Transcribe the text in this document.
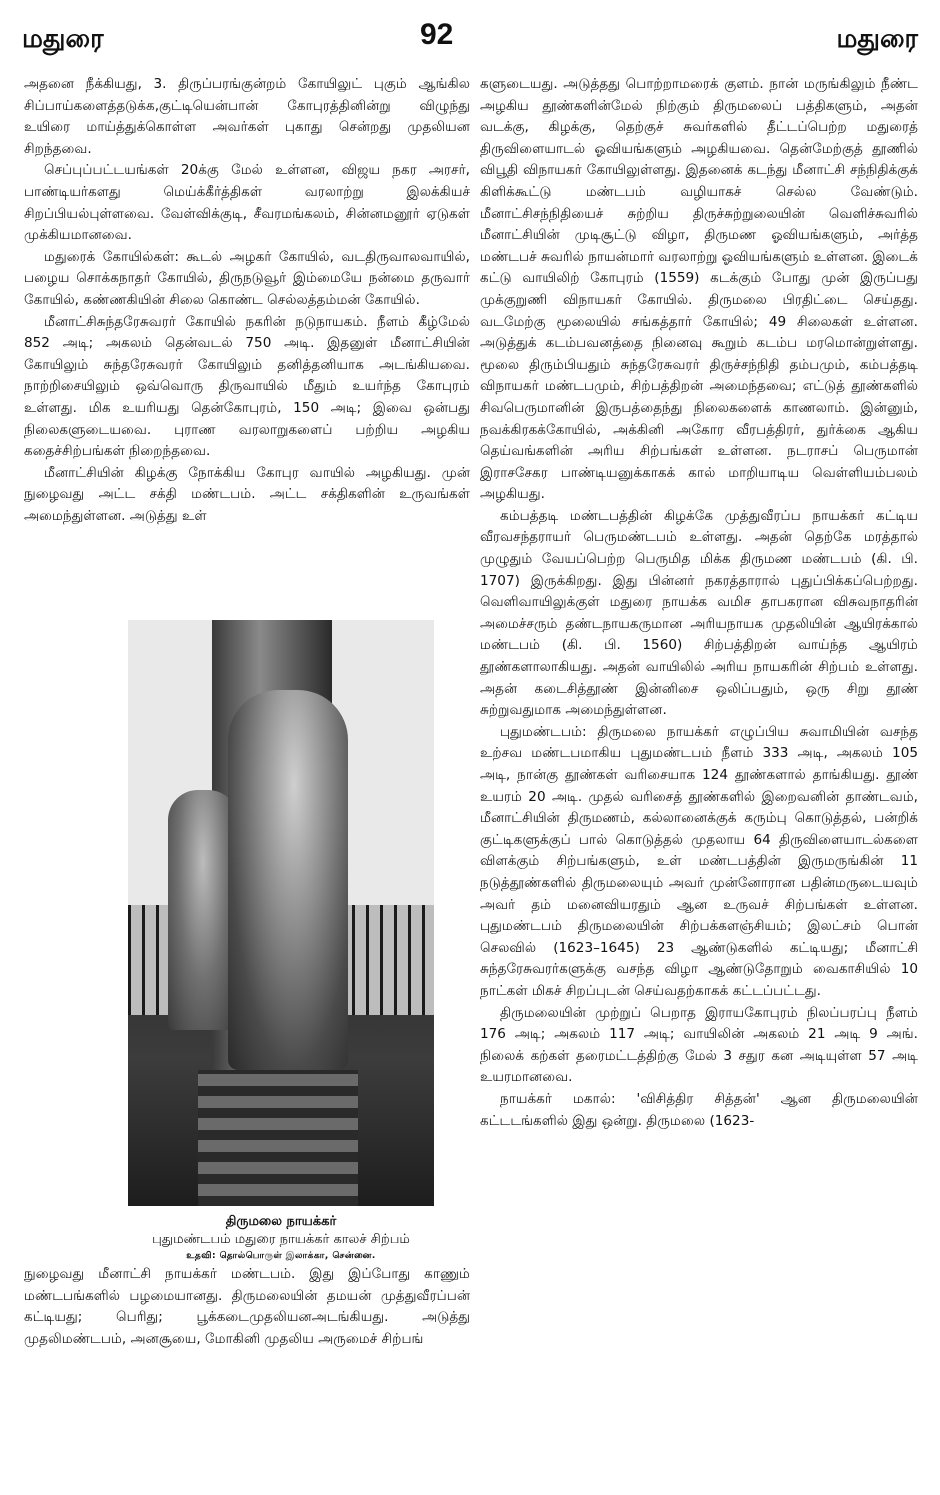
மதுரை	92	மதுரை

அதனை நீக்கியது, 3. திருப்பரங்குன்றம் கோயிலுட் புகும் ஆங்கில சிப்பாய்களைத்தடுக்க,குட்டியென்பான் கோபுரத்தினின்று விழுந்து உயிரை மாய்த்துக்கொள்ள அவர்கள் புகாது சென்றது முதலியன சிறந்தவை.

செப்புப்பட்டயங்கள் 20க்கு மேல் உள்ளன, விஜய நகர அரசர், பாண்டியர்களது மெய்க்கீர்த்திகள் வரலாற்று இலக்கியச் சிறப்பியல்புள்ளவை. வேள்விக்குடி, சீவரமங்கலம், சின்னமனூர் ஏடுகள் முக்கியமானவை.

மதுரைக் கோயில்கள்: கூடல் அழகர் கோயில், வடதிருவாலவாயில், பழைய சொக்கநாதர் கோயில், திருநடுவூர் இம்மையே நன்மை தருவார் கோயில், கண்ணகியின் சிலை கொண்ட செல்லத்தம்மன் கோயில்.

மீனாட்சிசுந்தரேசுவரர் கோயில் நகரின் நடுநாயகம். நீளம் கீழ்மேல் 852 அடி; அகலம் தென்வடல் 750 அடி. இதனுள் மீனாட்சியின் கோயிலும் சுந்தரேசுவரர் கோயிலும் தனித்தனியாக அடங்கியவை. நாற்றிசையிலும் ஒவ்வொரு திருவாயில் மீதும் உயர்ந்த கோபுரம் உள்ளது. மிக உயரியது தென்கோபுரம், 150 அடி; இவை ஒன்பது நிலைகளுடையவை. புராண வரலாறுகளைப் பற்றிய அழகிய கதைச்சிற்பங்கள் நிறைந்தவை.

மீனாட்சியின் கிழக்கு நோக்கிய கோபுர வாயில் அழகியது. முன் நுழைவது அட்ட சக்தி மண்டபம். அட்ட சக்திகளின் உருவங்கள் அமைந்துள்ளன. அடுத்து உள்

திருமலை நாயக்கர்
புதுமண்டபம் மதுரை நாயக்கர் காலச் சிற்பம்
உதவி: தொல்பொருள் இலாக்கா, சென்னை.

நுழைவது மீனாட்சி நாயக்கர் மண்டபம். இது இப்போது காணும் மண்டபங்களில் பழமையானது. திருமலையின் தமயன் முத்துவீரப்பன் கட்டியது; பெரிது; பூக்கடைமுதலியனஅடங்கியது. அடுத்து முதலிமண்டபம், அனசூயை, மோகினி முதலிய அருமைச் சிற்பங்

களுடையது. அடுத்தது பொற்றாமரைக் குளம். நான் மருங்கிலும் நீண்ட அழகிய தூண்களின்மேல் நிற்கும் திருமலைப் பத்திகளும், அதன் வடக்கு, கிழக்கு, தெற்குச் சுவர்களில் தீட்டப்பெற்ற மதுரைத் திருவிளையாடல் ஓவியங்களும் அழகியவை. தென்மேற்குத் தூணில் விபூதி விநாயகர் கோயிலுள்ளது. இதனைக் கடந்து மீனாட்சி சந்நிதிக்குக் கிளிக்கூட்டு மண்டபம் வழியாகச் செல்ல வேண்டும். மீனாட்சிசந்நிதியைச் சுற்றிய திருச்சுற்றுலையின் வெளிச்சுவரில் மீனாட்சியின் முடிசூட்டு விழா, திருமண ஓவியங்களும், அர்த்த மண்டபச் சுவரில் நாயன்மார் வரலாற்று ஓவியங்களும் உள்ளன. இடைக் கட்டு வாயிலிற் கோபுரம் (1559) கடக்கும் போது முன் இருப்பது முக்குறுணி விநாயகர் கோயில். திருமலை பிரதிட்டை செய்தது. வடமேற்கு மூலையில் சங்கத்தார் கோயில்; 49 சிலைகள் உள்ளன. அடுத்துக் கடம்பவனத்தை நினைவு கூறும் கடம்ப மரமொன்றுள்ளது. மூலை திரும்பியதும் சுந்தரேசுவரர் திருச்சந்நிதி தம்பமும், கம்பத்தடி விநாயகர் மண்டபமும், சிற்பத்திறன் அமைந்தவை; எட்டுத் தூண்களில் சிவபெருமானின் இருபத்தைந்து நிலைகளைக் காணலாம். இன்னும், நவக்கிரகக்கோயில், அக்கினி அகோர வீரபத்திரர், துர்க்கை ஆகிய தெய்வங்களின் அரிய சிற்பங்கள் உள்ளன. நடராசப் பெருமான் இராசசேகர பாண்டியனுக்காகக் கால் மாறியாடிய வெள்ளியம்பலம் அழகியது.

கம்பத்தடி மண்டபத்தின் கிழக்கே முத்துவீரப்ப நாயக்கர் கட்டிய வீரவசந்தராயர் பெருமண்டபம் உள்ளது. அதன் தெற்கே மரத்தால் முழுதும் வேயப்பெற்ற பெருமித மிக்க திருமண மண்டபம் (கி. பி. 1707) இருக்கிறது. இது பின்னர் நகரத்தாரால் புதுப்பிக்கப்பெற்றது. வெளிவாயிலுக்குள் மதுரை நாயக்க வமிச தாபகரான விசுவநாதரின் அமைச்சரும் தண்டநாயகருமான அரியநாயக முதலியின் ஆயிரக்கால் மண்டபம் (கி. பி. 1560) சிற்பத்திறன் வாய்ந்த ஆயிரம் தூண்களாலாகியது. அதன் வாயிலில் அரிய நாயகரின் சிற்பம் உள்ளது. அதன் கடைசித்தூண் இன்னிசை ஒலிப்பதும், ஒரு சிறு தூண் சுற்றுவதுமாக அமைந்துள்ளன.

புதுமண்டபம்: திருமலை நாயக்கர் எழுப்பிய சுவாமியின் வசந்த உற்சவ மண்டபமாகிய புதுமண்டபம் நீளம் 333 அடி, அகலம் 105 அடி, நான்கு தூண்கள் வரிசையாக 124 தூண்களால் தாங்கியது. தூண் உயரம் 20 அடி. முதல் வரிசைத் தூண்களில் இறைவனின் தாண்டவம், மீனாட்சியின் திருமணம், கல்லானைக்குக் கரும்பு கொடுத்தல், பன்றிக் குட்டிகளுக்குப் பால் கொடுத்தல் முதலாய 64 திருவிளையாடல்களை விளக்கும் சிற்பங்களும், உள் மண்டபத்தின் இருமருங்கின் 11 நடுத்தூண்களில் திருமலையும் அவர் முன்னோரான பதின்மருடையவும் அவர் தம் மனைவியரதும் ஆன உருவச் சிற்பங்கள் உள்ளன. புதுமண்டபம் திருமலையின் சிற்பக்களஞ்சியம்; இலட்சம் பொன் செலவில் (1623–1645) 23 ஆண்டுகளில் கட்டியது; மீனாட்சி சுந்தரேசுவரர்களுக்கு வசந்த விழா ஆண்டுதோறும் வைகாசியில் 10 நாட்கள் மிகச் சிறப்புடன் செய்வதற்காகக் கட்டப்பட்டது.

திருமலையின் முற்றுப் பெறாத இராயகோபுரம் நிலப்பரப்பு நீளம் 176 அடி; அகலம் 117 அடி; வாயிலின் அகலம் 21 அடி 9 அங். நிலைக் கற்கள் தரைமட்டத்திற்கு மேல் 3 சதுர கன அடியுள்ள 57 அடி உயரமானவை.

நாயக்கர் மகால்: 'விசித்திர சித்தன்' ஆன திருமலையின் கட்டடங்களில் இது ஒன்று. திருமலை (1623-
